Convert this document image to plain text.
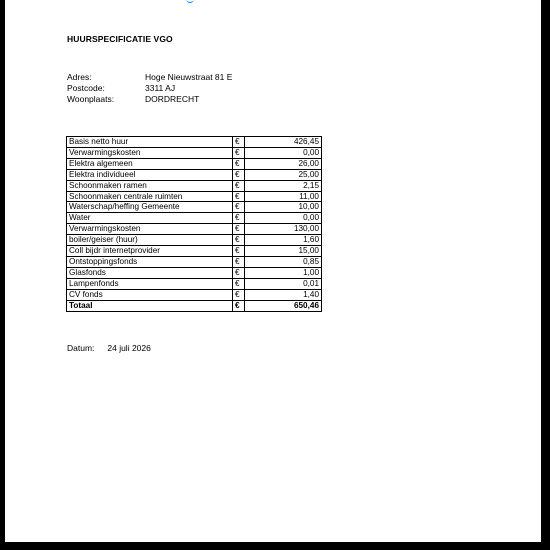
HUURSPECIFICATIE VGO
Adres:	Hoge Nieuwstraat 81 E
Postcode:	3311 AJ
Woonplaats:	DORDRECHT
Basis netto huur	€	426,45
Verwarmingskosten	€	0,00
Elektra algemeen	€	26,00
Elektra individueel	€	25,00
Schoonmaken ramen	€	2,15
Schoonmaken centrale ruimten	€	11,00
Waterschap/heffing Gemeente	€	10,00
Water	€	0,00
Verwarmingskosten	€	130,00
boiler/geiser (huur)	€	1,60
Coll bijdr internetprovider	€	15,00
Ontstoppingsfonds	€	0,85
Glasfonds	€	1,00
Lampenfonds	€	0,01
CV fonds	€	1,40
Totaal	€	650,46
Datum: 24 juli 2026
